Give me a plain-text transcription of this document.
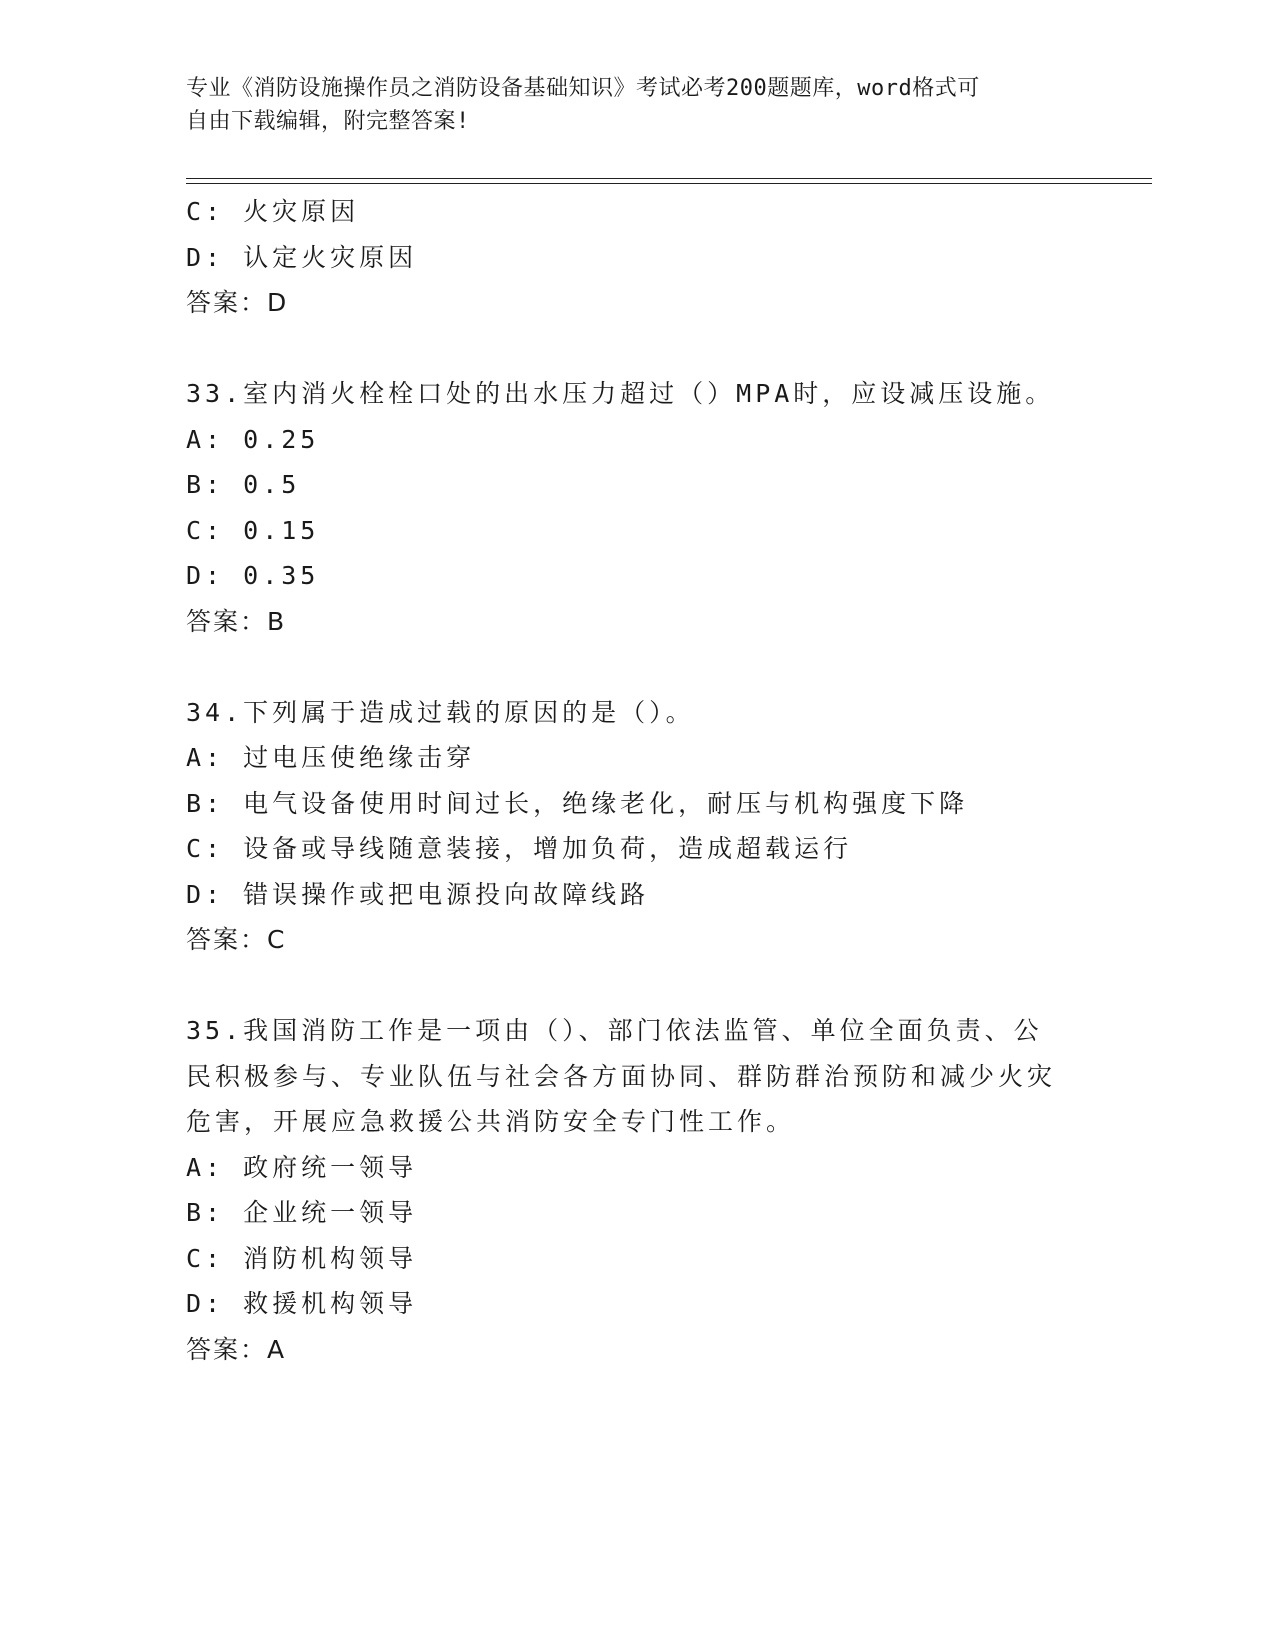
专业《消防设施操作员之消防设备基础知识》考试必考200题题库，word格式可
自由下载编辑，附完整答案!
C: 火灾原因
D: 认定火灾原因
答案：D
33.室内消火栓栓口处的出水压力超过（）MPA时，应设减压设施。
A: 0.25
B: 0.5
C: 0.15
D: 0.35
答案：B
34.下列属于造成过载的原因的是（）。
A: 过电压使绝缘击穿
B: 电气设备使用时间过长，绝缘老化，耐压与机构强度下降
C: 设备或导线随意装接，增加负荷，造成超载运行
D: 错误操作或把电源投向故障线路
答案：C
35.我国消防工作是一项由（）、部门依法监管、单位全面负责、公民积极参与、专业队伍与社会各方面协同、群防群治预防和减少火灾危害，开展应急救援公共消防安全专门性工作。
A: 政府统一领导
B: 企业统一领导
C: 消防机构领导
D: 救援机构领导
答案：A
